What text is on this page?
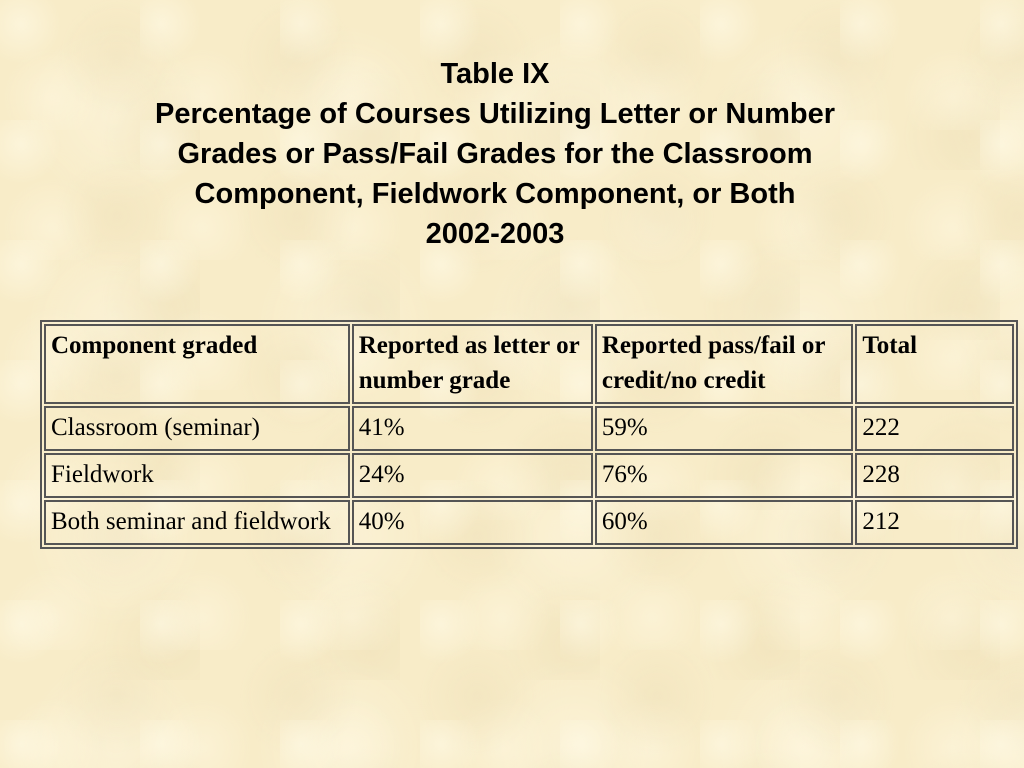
Table IX
Percentage of Courses Utilizing Letter or Number
Grades or Pass/Fail Grades for the Classroom
Component, Fieldwork Component, or Both
2002-2003
Component graded	Reported as letter or number grade	Reported pass/fail or credit/no credit	Total
Classroom (seminar)	41%	59%	222
Fieldwork	24%	76%	228
Both seminar and fieldwork	40%	60%	212
